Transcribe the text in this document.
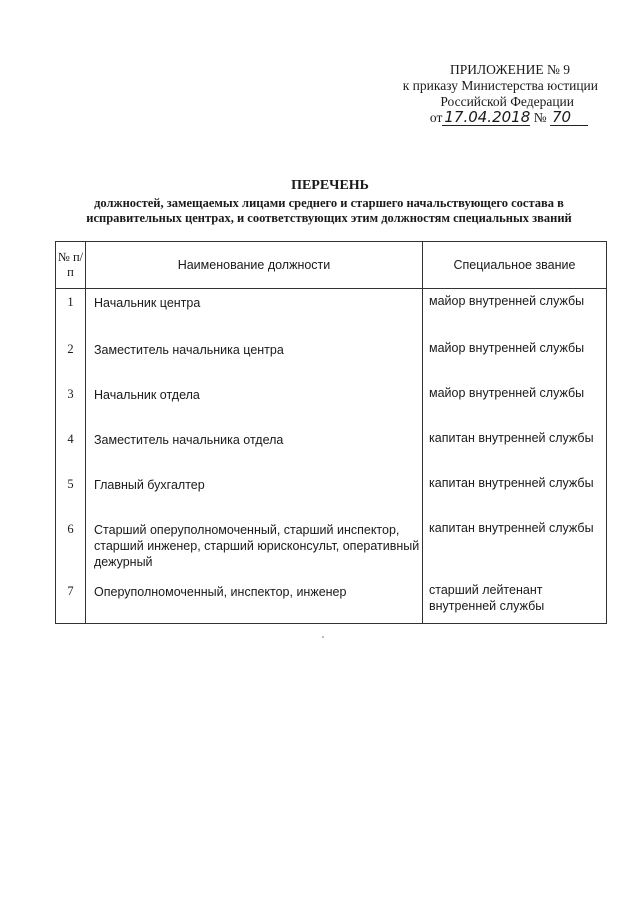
ПРИЛОЖЕНИЕ № 9
к приказу Министерства юстиции
Российской Федерации
от 17.04.2018 № 70
ПЕРЕЧЕНЬ
должностей, замещаемых лицами среднего и старшего начальствующего состава в исправительных центрах, и соответствующих этим должностям специальных званий
№ п/п	Наименование должности	Специальное звание
1	Начальник центра	майор внутренней службы
2	Заместитель начальника центра	майор внутренней службы
3	Начальник отдела	майор внутренней службы
4	Заместитель начальника отдела	капитан внутренней службы
5	Главный бухгалтер	капитан внутренней службы
6	Старший оперуполномоченный, старший инспектор, старший инженер, старший юрисконсульт, оперативный дежурный	капитан внутренней службы
7	Оперуполномоченный, инспектор, инженер	старший лейтенант внутренней службы
